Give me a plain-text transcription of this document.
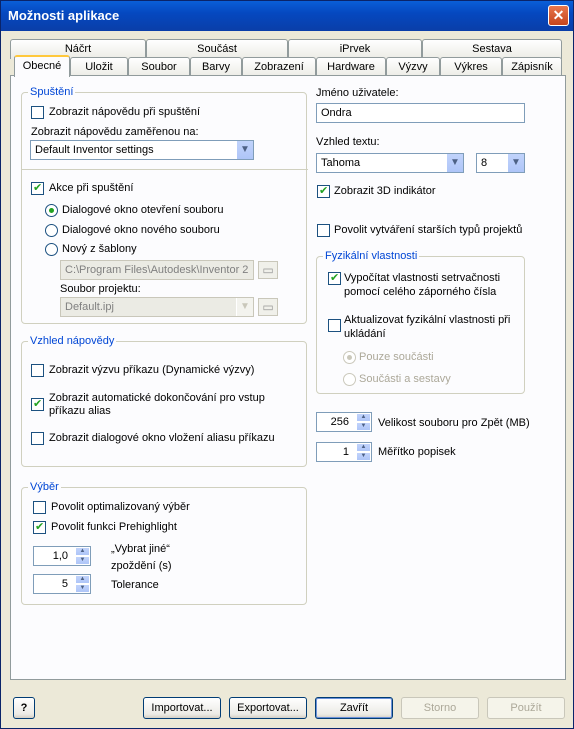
Možnosti aplikace	✕
Náčrt	Součást	iPrvek	Sestava
Obecné	Uložit	Soubor	Barvy	Zobrazení	Hardware	Výzvy	Výkres	Zápisník
Spuštění
Zobrazit nápovědu při spuštění
Zobrazit nápovědu zaměřenou na:
Default Inventor settings	▼
✔
Akce při spuštění
Dialogové okno otevření souboru
Dialogové okno nového souboru
Nový z šablony
C:\Program Files\Autodesk\Inventor 2	▭
Soubor projektu:
Default.ipj	▼	▭
Vzhled nápovědy
Zobrazit výzvu příkazu (Dynamické výzvy)
✔
Zobrazit automatické dokončování pro vstup příkazu alias
Zobrazit dialogové okno vložení aliasu příkazu
Výběr
Povolit optimalizovaný výběr
✔
Povolit funkci Prehighlight
1,0	▲
▼
„Vybrat jiné“ zpoždění (s)
5	▲
▼	Tolerance
Jméno uživatele:
Ondra
Vzhled textu:
Tahoma	▼	8	▼
✔
Zobrazit 3D indikátor
Povolit vytváření starších typů projektů
Fyzikální vlastnosti
✔
Vypočítat vlastnosti setrvačnosti pomocí celého záporného čísla
Aktualizovat fyzikální vlastnosti při ukládání
Pouze součásti
Součásti a sestavy
256	▲
▼	Velikost souboru pro Zpět (MB)
1	▲
▼	Měřítko popisek
?	Importovat...	Exportovat...	Zavřít	Storno	Použít
